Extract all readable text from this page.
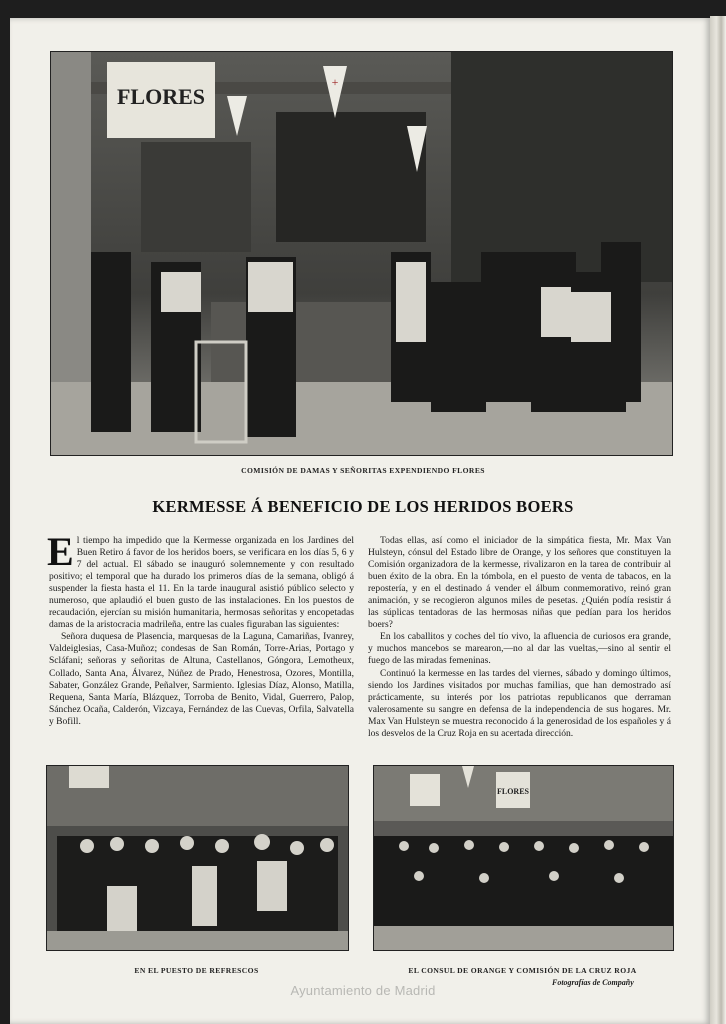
FLORES
+
COMISIÓN DE DAMAS Y SEÑORITAS EXPENDIENDO FLORES
KERMESSE Á BENEFICIO DE LOS HERIDOS BOERS

El tiempo ha impedido que la Kermesse organizada en los Jardines del Buen Retiro á favor de los heridos boers, se verificara en los días 5, 6 y 7 del actual. El sábado se inauguró solemnemente y con resultado positivo; el temporal que ha durado los primeros días de la semana, obligó á suspender la fiesta hasta el 11. En la tarde inaugural asistió público selecto y numeroso, que aplaudió el buen gusto de las instalaciones. En los puestos de recaudación, ejercían su misión humanitaria, hermosas señoritas y encopetadas damas de la aristocracia madrileña, entre las cuales figuraban las siguientes:

Señora duquesa de Plasencia, marquesas de la Laguna, Camariñas, Ivanrey, Valdeiglesias, Casa-Muñoz; condesas de San Román, Torre-Arias, Portago y Scláfani; señoras y señoritas de Altuna, Castellanos, Góngora, Lemotheux, Collado, Santa Ana, Álvarez, Núñez de Prado, Henestrosa, Ozores, Montilla, Sabater, González Grande, Peñalver, Sarmiento. Iglesias Díaz, Alonso, Matilla, Requena, Santa María, Blázquez, Torroba de Benito, Vidal, Guerrero, Palop, Sánchez Ocaña, Calderón, Vizcaya, Fernández de las Cuevas, Orfila, Salvatella y Bofill.

Todas ellas, así como el iniciador de la simpática fiesta, Mr. Max Van Hulsteyn, cónsul del Estado libre de Orange, y los señores que constituyen la Comisión organizadora de la kermesse, rivalizaron en la tarea de contribuir al buen éxito de la obra. En la tómbola, en el puesto de venta de tabacos, en la repostería, y en el destinado á vender el álbum conmemorativo, reinó gran animación, y se recogieron algunos miles de pesetas. ¿Quién podía resistir á las súplicas tentadoras de las hermosas niñas que pedían para los heridos boers?

En los caballitos y coches del tío vivo, la afluencia de curiosos era grande, y muchos mancebos se marearon,—no al dar las vueltas,—sino al sentir el fuego de las miradas femeninas.

Continuó la kermesse en las tardes del viernes, sábado y domingo últimos, siendo los Jardines visitados por muchas familias, que han demostrado así prácticamente, su interés por los patriotas republicanos que derraman valerosamente su sangre en defensa de la independencia de sus hogares. Mr. Max Van Hulsteyn se muestra reconocido á la generosidad de los españoles y á los desvelos de la Cruz Roja en su acertada dirección.

EN EL PUESTO DE REFRESCOS
FLORES
EL CONSUL DE ORANGE Y COMISIÓN DE LA CRUZ ROJA
Fotografías de Compañy
Ayuntamiento de Madrid
